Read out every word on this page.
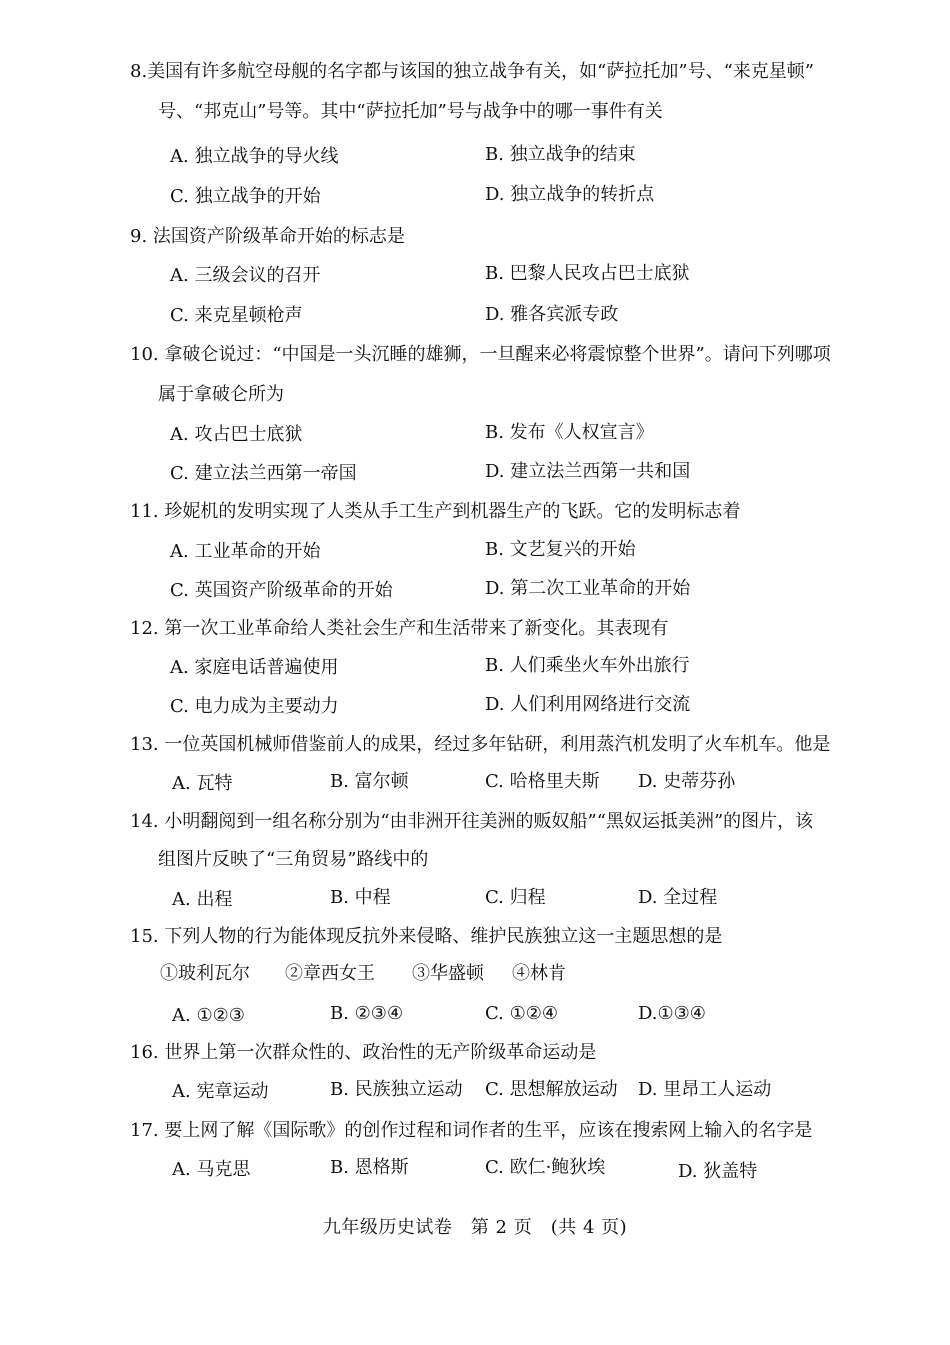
8.美国有许多航空母舰的名字都与该国的独立战争有关，如“萨拉托加”号、“来克星顿”
号、“邦克山”号等。其中“萨拉托加”号与战争中的哪一事件有关
A. 独立战争的导火线	B. 独立战争的结束
C. 独立战争的开始	D. 独立战争的转折点
9. 法国资产阶级革命开始的标志是
A. 三级会议的召开	B. 巴黎人民攻占巴士底狱
C. 来克星顿枪声	D. 雅各宾派专政
10. 拿破仑说过：“中国是一头沉睡的雄狮，一旦醒来必将震惊整个世界”。请问下列哪项
属于拿破仑所为
A. 攻占巴士底狱	B. 发布《人权宣言》
C. 建立法兰西第一帝国	D. 建立法兰西第一共和国
11. 珍妮机的发明实现了人类从手工生产到机器生产的飞跃。它的发明标志着
A. 工业革命的开始	B. 文艺复兴的开始
C. 英国资产阶级革命的开始	D. 第二次工业革命的开始
12. 第一次工业革命给人类社会生产和生活带来了新变化。其表现有
A. 家庭电话普遍使用	B. 人们乘坐火车外出旅行
C. 电力成为主要动力	D. 人们利用网络进行交流
13. 一位英国机械师借鉴前人的成果，经过多年钻研，利用蒸汽机发明了火车机车。他是
A. 瓦特	B. 富尔顿	C. 哈格里夫斯 D. 史蒂芬孙
14. 小明翻阅到一组名称分别为“由非洲开往美洲的贩奴船”“黑奴运抵美洲”的图片，该
组图片反映了“三角贸易”路线中的
A. 出程	B. 中程	C. 归程	D. 全过程
15. 下列人物的行为能体现反抗外来侵略、维护民族独立这一主题思想的是
①玻利瓦尔 ②章西女王 ③华盛顿 ④林肯
A. ①②③	B. ②③④	C. ①②④	D.①③④
16. 世界上第一次群众性的、政治性的无产阶级革命运动是
A. 宪章运动	B. 民族独立运动 C. 思想解放运动 D. 里昂工人运动
17. 要上网了解《国际歌》的创作过程和词作者的生平，应该在搜索网上输入的名字是
A. 马克思	B. 恩格斯	C. 欧仁·鲍狄埃	D. 狄盖特
九年级历史试卷　第 2 页　(共 4 页)
